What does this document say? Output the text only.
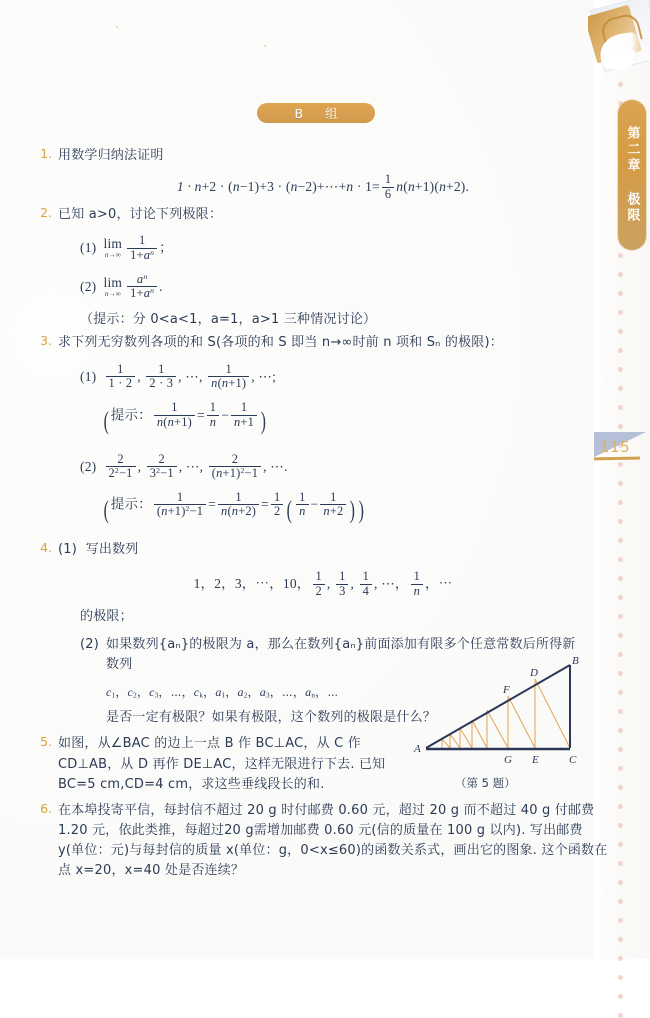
第二章 极限
115
B 组
1. 用数学归纳法证明
1 · n+2 · (n−1)+3 · (n−2)+⋯+n · $1= \frac{1}{6} n(n+1)(n+2)$.
2. 已知 a>0，讨论下列极限：
(1) lim
$n\to\infty \frac{1}{1+a^n}$ ；
(2) lim
$n\to\infty \frac{a^n}{1+a^n}$ .
（提示：分 0<a<1，a=1，a>1 三种情况讨论）
3. 求下列无穷数列各项的和 S(各项的和 S 即当 n→∞时前 n 项和 Sₙ 的极限)：
$(1) \frac{1}{1 \cdot 2}$ , $\frac{1}{2 \cdot 3}$ , ⋯, $\frac{1}{n(n+1)}$ , ⋯;
( 提示： $\frac{1}{n(n+1)} = \frac{1}{n} - \frac{1}{n+1}$ )
$(2) \frac{2}{2^2-1}$ , $\frac{2}{3^2-1}$ , ⋯, $\frac{2}{(n+1)^2-1}$ , ⋯.
( 提示： $\frac{1}{(n+1)^2-1} = \frac{1}{n(n+2)} = \frac{1}{2}$ ( $\frac{1}{n} - \frac{1}{n+2}$ ) )
4. (1) 写出数列
1，2，3，⋯，10， $\frac{1}{2}$ , $\frac{1}{3}$ , $\frac{1}{4}$ , ⋯， $\frac{1}{n}$ ，⋯
的极限；
(2) 如果数列{aₙ}的极限为 a，那么在数列{aₙ}前面添加有限多个任意常数后所得新数列
$c_1$，$c_2$，$c_3$，⋯，$c_k$，$a_1$，$a_2$，$a_3$，⋯，$a_n$，⋯
是否一定有极限？如果有极限，这个数列的极限是什么？
5. 如图，从∠BAC 的边上一点 B 作 BC⊥AC，从 C 作 CD⊥AB，从 D 再作 DE⊥AC，这样无限进行下去. 已知 BC=5 cm,CD=4 cm，求这些垂线段长的和.
6. 在本埠投寄平信，每封信不超过 20 g 时付邮费 0.60 元，超过 20 g 而不超过 40 g 付邮费 1.20 元，依此类推，每超过20 g需增加邮费 0.60 元(信的质量在 100 g 以内). 写出邮费 y(单位：元)与每封信的质量 x(单位：g，0<x≤60)的函数关系式，画出它的图象. 这个函数在点 x=20，x=40 处是否连续？
A
B
C
D
E
F
G
（第 5 题）
